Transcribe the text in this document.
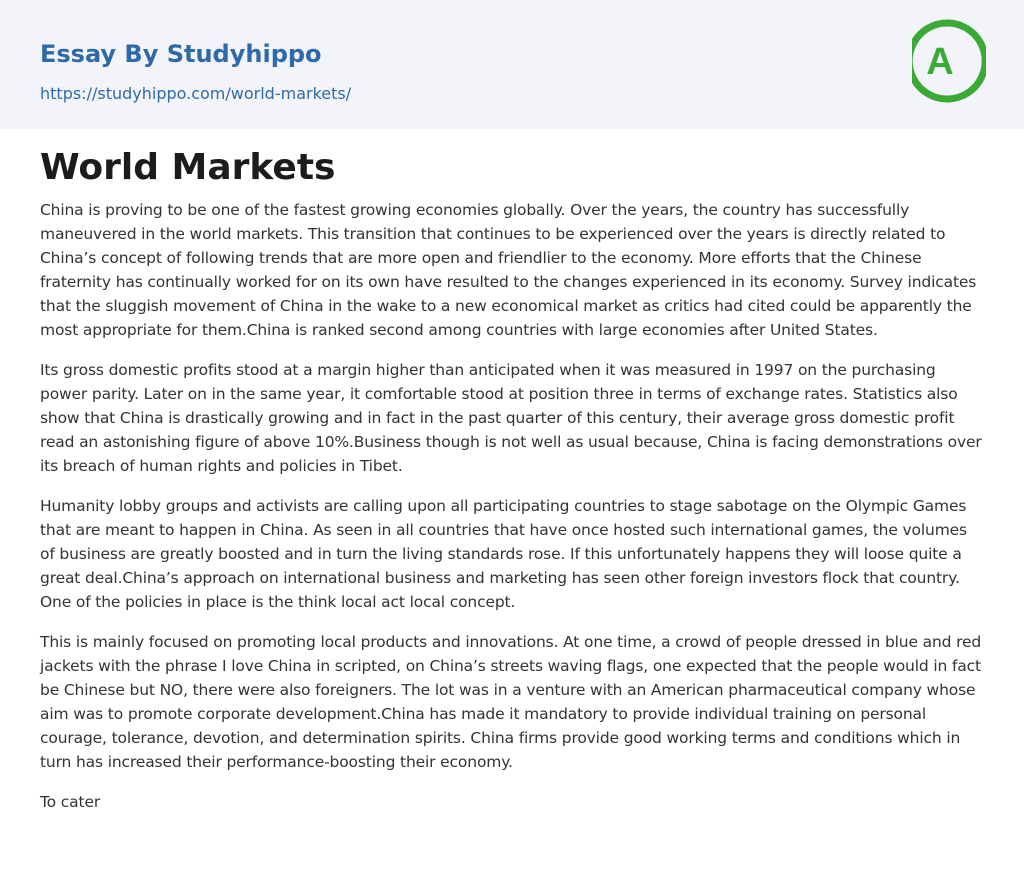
Essay By Studyhippo
https://studyhippo.com/world-markets/
A
World Markets

China is proving to be one of the fastest growing economies globally. Over the years, the country has successfully maneuvered in the world markets. This transition that continues to be experienced over the years is directly related to China’s concept of following trends that are more open and friendlier to the economy. More efforts that the Chinese fraternity has continually worked for on its own have resulted to the changes experienced in its economy. Survey indicates that the sluggish movement of China in the wake to a new economical market as critics had cited could be apparently the most appropriate for them.China is ranked second among countries with large economies after United States.

Its gross domestic profits stood at a margin higher than anticipated when it was measured in 1997 on the purchasing power parity. Later on in the same year, it comfortable stood at position three in terms of exchange rates. Statistics also show that China is drastically growing and in fact in the past quarter of this century, their average gross domestic profit read an astonishing figure of above 10%.Business though is not well as usual because, China is facing demonstrations over its breach of human rights and policies in Tibet.

Humanity lobby groups and activists are calling upon all participating countries to stage sabotage on the Olympic Games that are meant to happen in China. As seen in all countries that have once hosted such international games, the volumes of business are greatly boosted and in turn the living standards rose. If this unfortunately happens they will loose quite a great deal.China’s approach on international business and marketing has seen other foreign investors flock that country. One of the policies in place is the think local act local concept.

This is mainly focused on promoting local products and innovations. At one time, a crowd of people dressed in blue and red jackets with the phrase I love China in scripted, on China’s streets waving flags, one expected that the people would in fact be Chinese but NO, there were also foreigners. The lot was in a venture with an American pharmaceutical company whose aim was to promote corporate development.China has made it mandatory to provide individual training on personal courage, tolerance, devotion, and determination spirits. China firms provide good working terms and conditions which in turn has increased their performance-boosting their economy.

To cater
